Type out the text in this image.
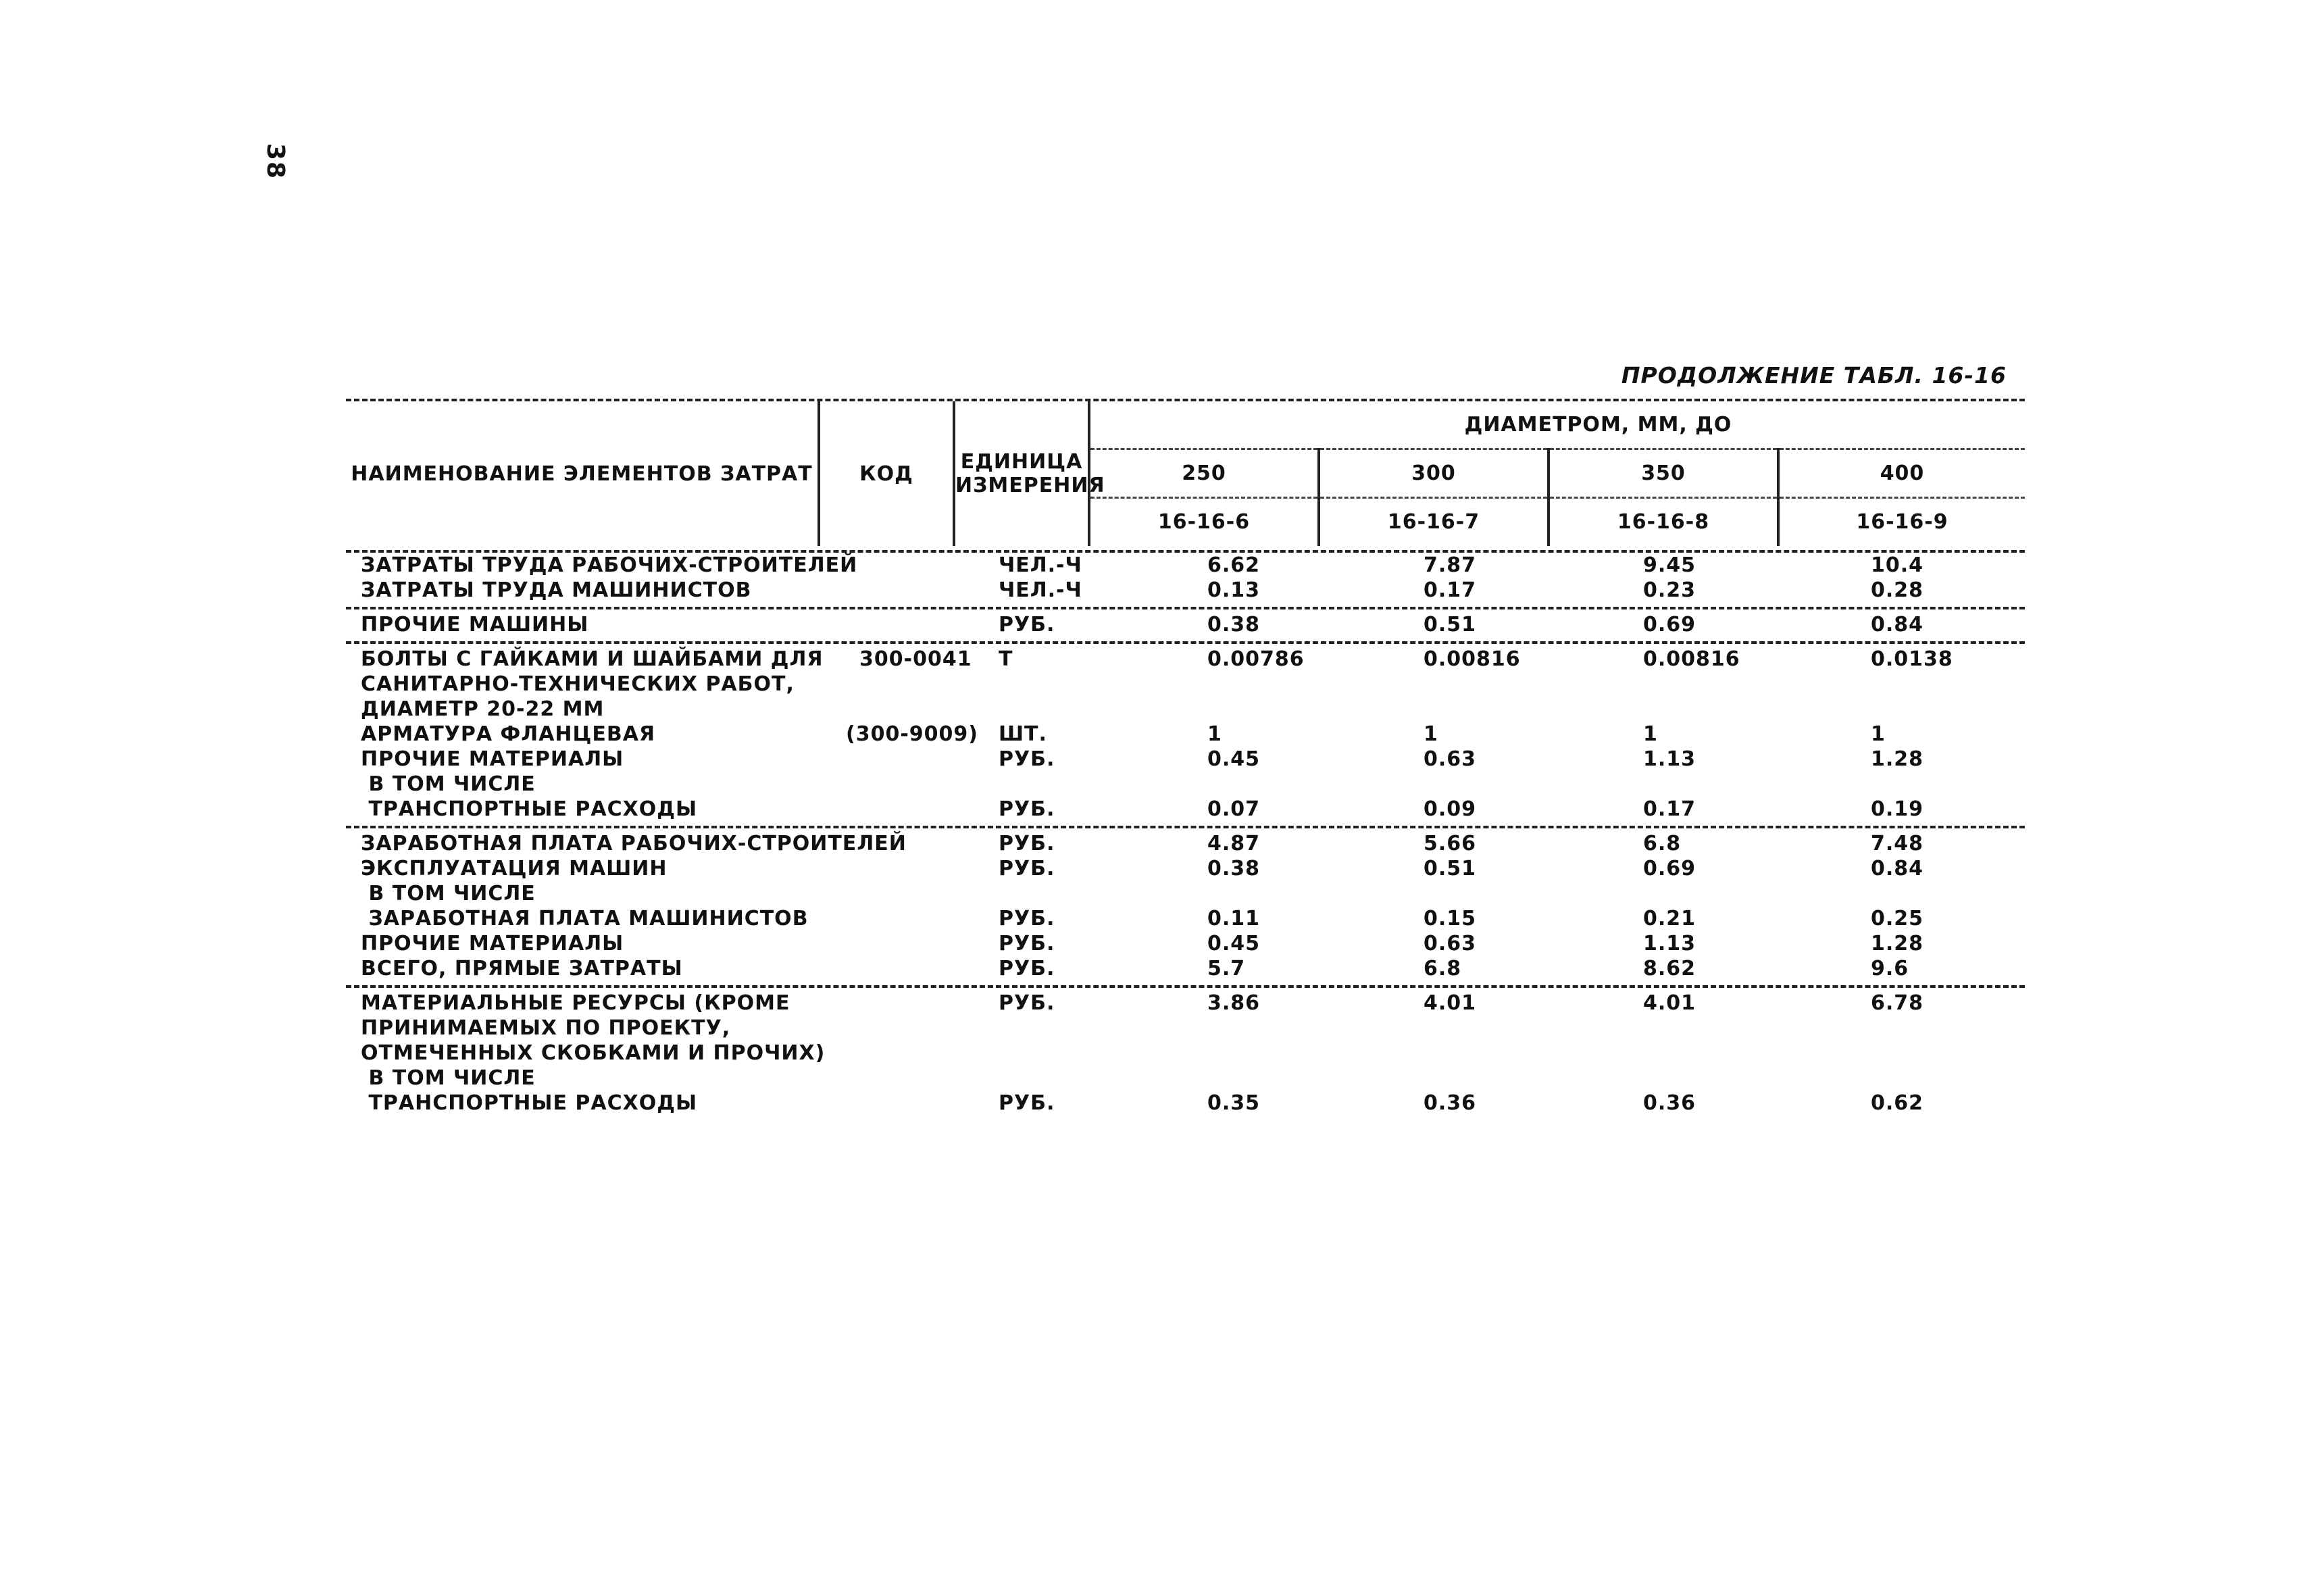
38
ПРОДОЛЖЕНИЕ ТАБЛ. 16-16
НАИМЕНОВАНИЕ ЭЛЕМЕНТОВ ЗАТРАТ	КОД	ЕДИНИЦА
ИЗМЕРЕНИЯ	ДИАМЕТРОМ, ММ, ДО			
			250	300	350	400
			16-16-6	16-16-7	16-16-8	16-16-9
ЗАТРАТЫ ТРУДА РАБОЧИХ-СТРОИТЕЛЕЙ		ЧЕЛ.-Ч	6.62	7.87	9.45	10.4
ЗАТРАТЫ ТРУДА МАШИНИСТОВ		ЧЕЛ.-Ч	0.13	0.17	0.23	0.28

ПРОЧИЕ МАШИНЫ		РУБ.	0.38	0.51	0.69	0.84

БОЛТЫ С ГАЙКАМИ И ШАЙБАМИ ДЛЯ	300-0041	Т	0.00786	0.00816	0.00816	0.0138
САНИТАРНО-ТЕХНИЧЕСКИХ РАБОТ,						
ДИАМЕТР 20-22 ММ						
АРМАТУРА ФЛАНЦЕВАЯ	(300-9009)	ШТ.	1	1	1	1
ПРОЧИЕ МАТЕРИАЛЫ		РУБ.	0.45	0.63	1.13	1.28
В ТОМ ЧИСЛЕ						
ТРАНСПОРТНЫЕ РАСХОДЫ		РУБ.	0.07	0.09	0.17	0.19

ЗАРАБОТНАЯ ПЛАТА РАБОЧИХ-СТРОИТЕЛЕЙ		РУБ.	4.87	5.66	6.8	7.48
ЭКСПЛУАТАЦИЯ МАШИН		РУБ.	0.38	0.51	0.69	0.84
В ТОМ ЧИСЛЕ						
ЗАРАБОТНАЯ ПЛАТА МАШИНИСТОВ		РУБ.	0.11	0.15	0.21	0.25
ПРОЧИЕ МАТЕРИАЛЫ		РУБ.	0.45	0.63	1.13	1.28
ВСЕГО, ПРЯМЫЕ ЗАТРАТЫ		РУБ.	5.7	6.8	8.62	9.6

МАТЕРИАЛЬНЫЕ РЕСУРСЫ (КРОМЕ		РУБ.	3.86	4.01	4.01	6.78
ПРИНИМАЕМЫХ ПО ПРОЕКТУ,						
ОТМЕЧЕННЫХ СКОБКАМИ И ПРОЧИХ)						
В ТОМ ЧИСЛЕ						
ТРАНСПОРТНЫЕ РАСХОДЫ		РУБ.	0.35	0.36	0.36	0.62
